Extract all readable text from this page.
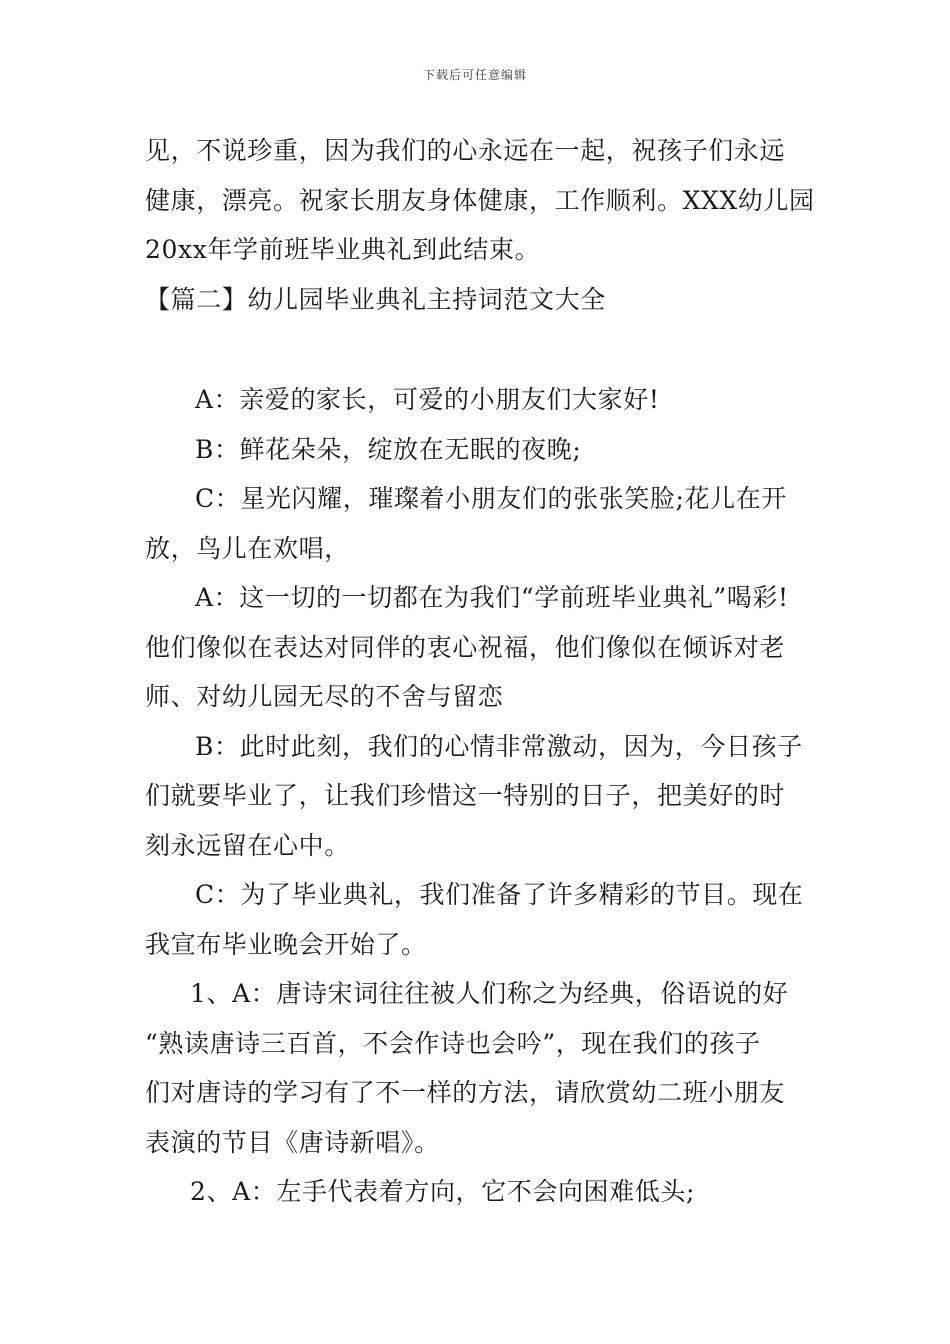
下载后可任意编辑
见，不说珍重，因为我们的心永远在一起，祝孩子们永远
健康，漂亮。祝家长朋友身体健康，工作顺利。XXX幼儿园
20xx年学前班毕业典礼到此结束。
【篇二】幼儿园毕业典礼主持词范文大全
A：亲爱的家长，可爱的小朋友们大家好!
B：鲜花朵朵，绽放在无眠的夜晚;
C：星光闪耀，璀璨着小朋友们的张张笑脸;花儿在开
放，鸟儿在欢唱，
A：这一切的一切都在为我们“学前班毕业典礼”喝彩!
他们像似在表达对同伴的衷心祝福，他们像似在倾诉对老
师、对幼儿园无尽的不舍与留恋
B：此时此刻，我们的心情非常激动，因为，今日孩子
们就要毕业了，让我们珍惜这一特别的日子，把美好的时
刻永远留在心中。
C：为了毕业典礼，我们准备了许多精彩的节目。现在
我宣布毕业晚会开始了。
1、A：唐诗宋词往往被人们称之为经典，俗语说的好
“熟读唐诗三百首，不会作诗也会吟”，现在我们的孩子
们对唐诗的学习有了不一样的方法，请欣赏幼二班小朋友
表演的节目《唐诗新唱》。
2、A：左手代表着方向，它不会向困难低头;
